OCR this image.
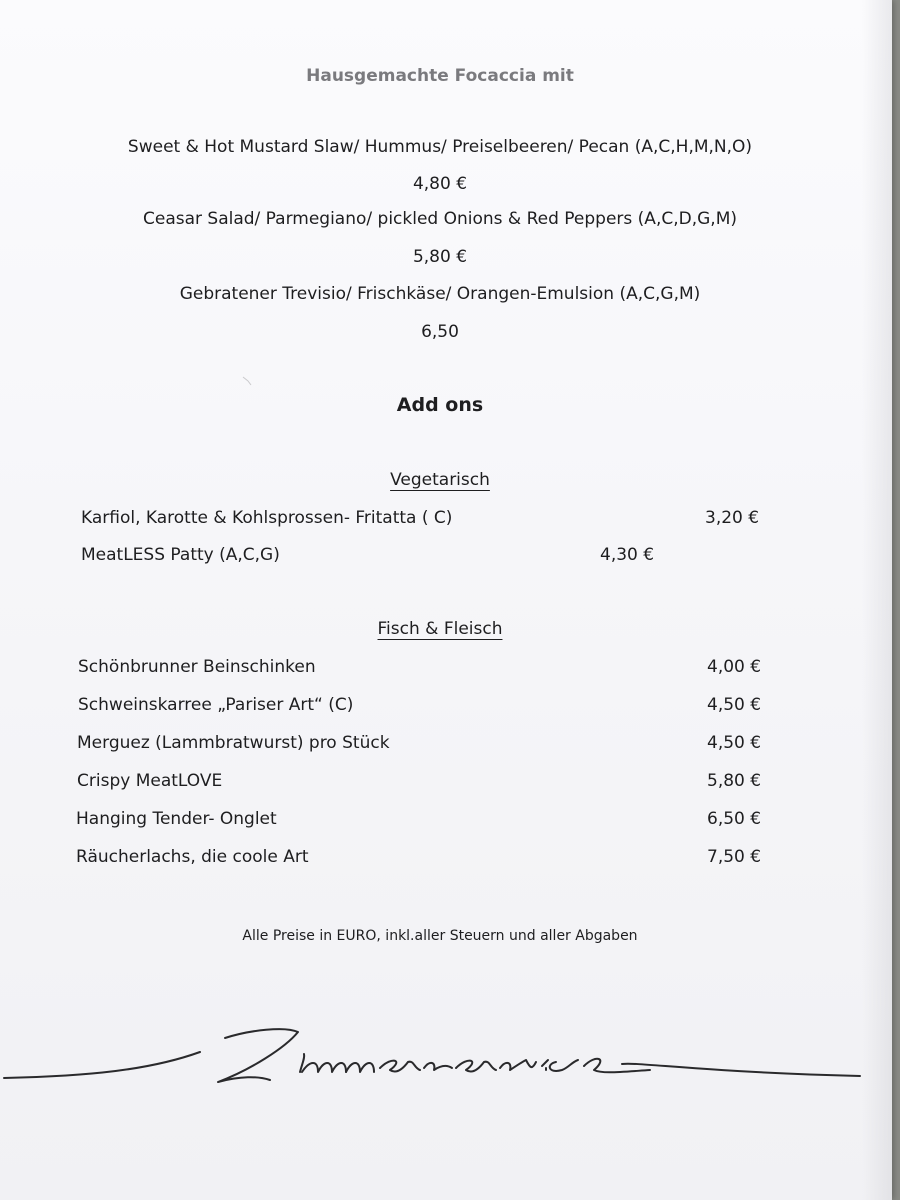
Hausgemachte Focaccia mit
Sweet & Hot Mustard Slaw/ Hummus/ Preiselbeeren/ Pecan (A,C,H,M,N,O)
4,80 €
Ceasar Salad/ Parmegiano/ pickled Onions & Red Peppers (A,C,D,G,M)
5,80 €
Gebratener Trevisio/ Frischkäse/ Orangen-Emulsion (A,C,G,M)
6,50
Add ons
Vegetarisch
Karfiol, Karotte & Kohlsprossen- Fritatta ( C)	3,20 €
MeatLESS Patty (A,C,G)	4,30 €
Fisch & Fleisch
Schönbrunner Beinschinken	4,00 €
Schweinskarree „Pariser Art“ (C)	4,50 €
Merguez (Lammbratwurst) pro Stück	4,50 €
Crispy MeatLOVE	5,80 €
Hanging Tender- Onglet	6,50 €
Räucherlachs, die coole Art	7,50 €
Alle Preise in EURO, inkl.aller Steuern und aller Abgaben
